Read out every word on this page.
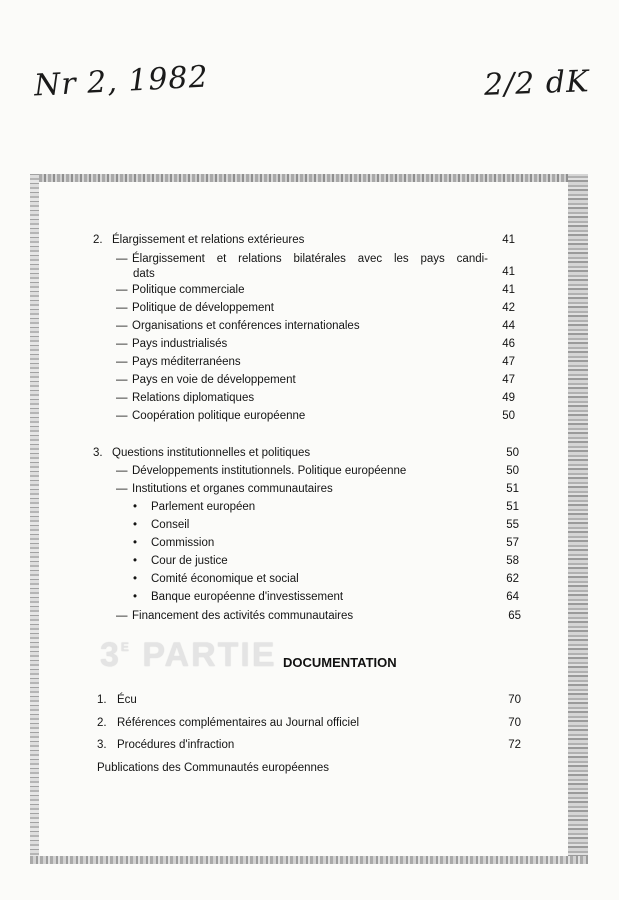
Nr 2, 1982	2/2 dK
2. Élargissement et relations extérieures	41
— Élargissement et relations bilatérales avec les pays candi-
dats	41
— Politique commerciale	41
— Politique de développement	42
— Organisations et conférences internationales	44
— Pays industrialisés	46
— Pays méditerranéens	47
— Pays en voie de développement	47
— Relations diplomatiques	49
— Coopération politique européenne	50
3. Questions institutionnelles et politiques	50
— Développements institutionnels. Politique européenne	50
— Institutions et organes communautaires	51
• Parlement européen	51
• Conseil	55
• Commission	57
• Cour de justice	58
• Comité économique et social	62
• Banque européenne d'investissement	64
— Financement des activités communautaires	65
$3^E$ PARTIE DOCUMENTATION
1. Écu	70
2. Références complémentaires au Journal officiel	70
3. Procédures d'infraction	72
Publications des Communautés européennes
